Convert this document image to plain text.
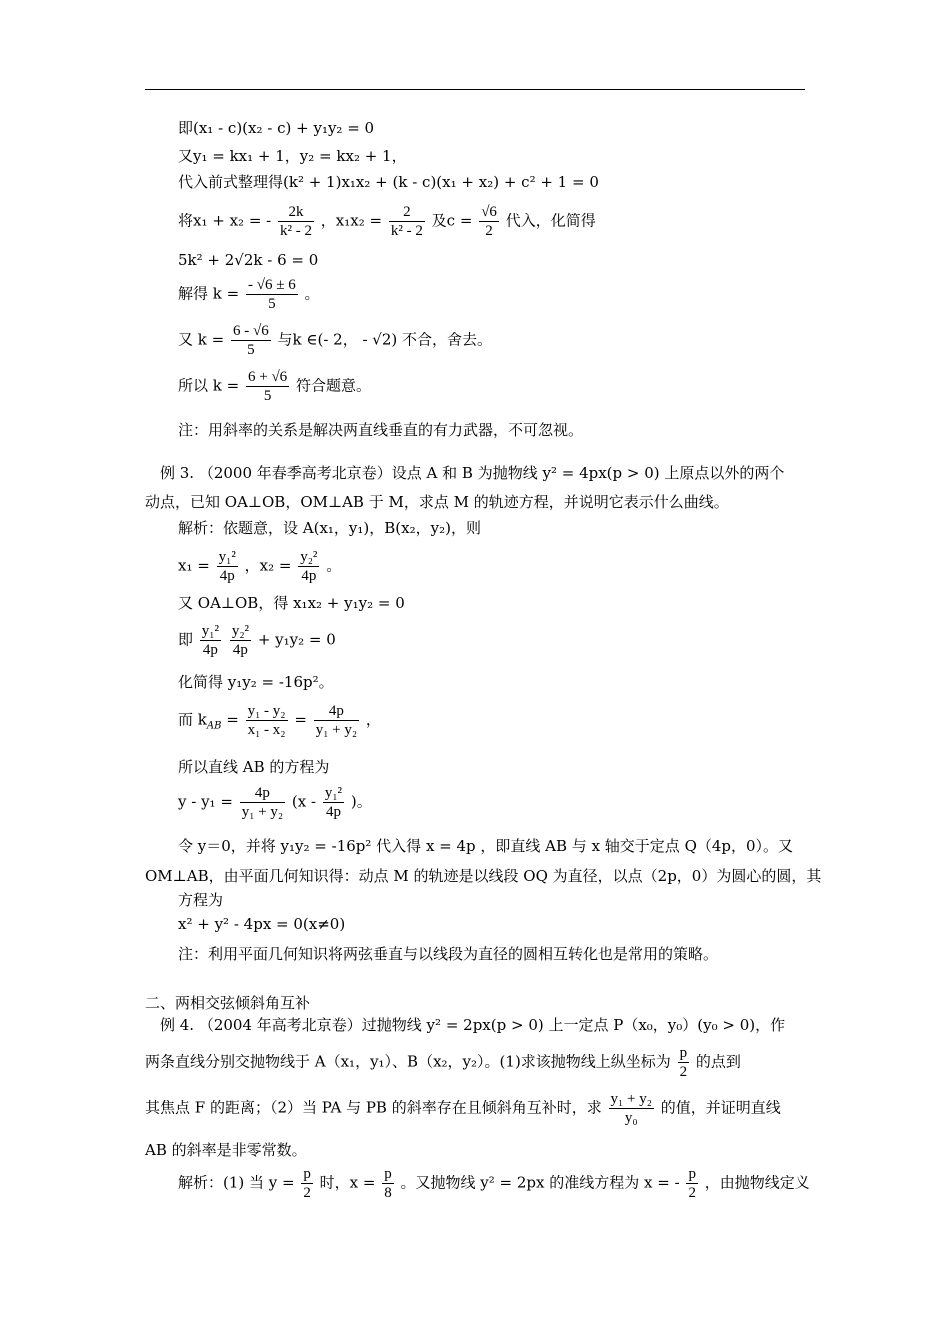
即(x₁ - c)(x₂ - c) + y₁y₂ = 0
又y₁ = kx₁ + 1，y₂ = kx₂ + 1，
代入前式整理得(k² + 1)x₁x₂ + (k - c)(x₁ + x₂) + c² + 1 = 0
将x₁ + x₂ = - $\frac{2k}{\text{k² - 2}}$ ，$x_1x_2 = \frac{2}{\text{k² - 2}}$ 及$c = \frac{√6}{2}$ 代入，化简得
5k² + 2√2k - 6 = 0
解得 $k = \frac{- √6 \pm 6}{5}$ 。
又 $k = \frac{6 - √6}{5}$ 与k ∈(- 2， - √2) 不合，舍去。
所以 $k = \frac{6 + √6}{5}$ 符合题意。
注：用斜率的关系是解决两直线垂直的有力武器，不可忽视。
例 3. （2000 年春季高考北京卷）设点 A 和 B 为抛物线 y² = 4px(p > 0) 上原点以外的两个
动点，已知 OA⊥OB，OM⊥AB 于 M，求点 M 的轨迹方程，并说明它表示什么曲线。
解析：依题意，设 A(x₁，y₁)，B(x₂，y₂)，则
$x_1 = \frac{\text{y₁²}}{4p}$ ，$x_2 = \frac{\text{y₂²}}{4p}$ 。
又 OA⊥OB，得 x₁x₂ + y₁y₂ = 0
即 $\frac{\text{y₁²}}{4p}$
$\frac{\text{y₂²}}{4p} + y_1y_2 = 0$
化简得 y₁y₂ = -16p²。
而 $k_{AB} = \frac{\text{y₁ - y₂}}{\text{x₁ - x₂}} = \frac{4p}{\text{y₁ + y₂}}$ ，
所以直线 AB 的方程为
$y - y_1 = \frac{4p}{\text{y₁ + y₂}} (x - \frac{\text{y₁²}}{4p}$ )。
令 y＝0，并将 y₁y₂ = -16p² 代入得 x = 4p ，即直线 AB 与 x 轴交于定点 Q（4p，0）。又
OM⊥AB，由平面几何知识得：动点 M 的轨迹是以线段 OQ 为直径，以点（2p，0）为圆心的圆，其
方程为
x² + y² - 4px = 0(x≠0)
注：利用平面几何知识将两弦垂直与以线段为直径的圆相互转化也是常用的策略。
二、两相交弦倾斜角互补
例 4. （2004 年高考北京卷）过抛物线 y² = 2px(p > 0) 上一定点 P（x₀，y₀）(y₀ > 0)，作
两条直线分别交抛物线于 A（x₁，y₁）、B（x₂，y₂）。(1)求该抛物线上纵坐标为 $\frac{p}{2}$ 的点到
其焦点 F 的距离；（2）当 PA 与 PB 的斜率存在且倾斜角互补时，求 $\frac{\text{y₁ + y₂}}{\text{y₀}}$ 的值，并证明直线
AB 的斜率是非零常数。
解析：(1) 当 $y = \frac{p}{2}$ 时，$x = \frac{p}{8}$ 。又抛物线 y² = 2px 的准线方程为 x = - $\frac{p}{2}$ ，由抛物线定义
